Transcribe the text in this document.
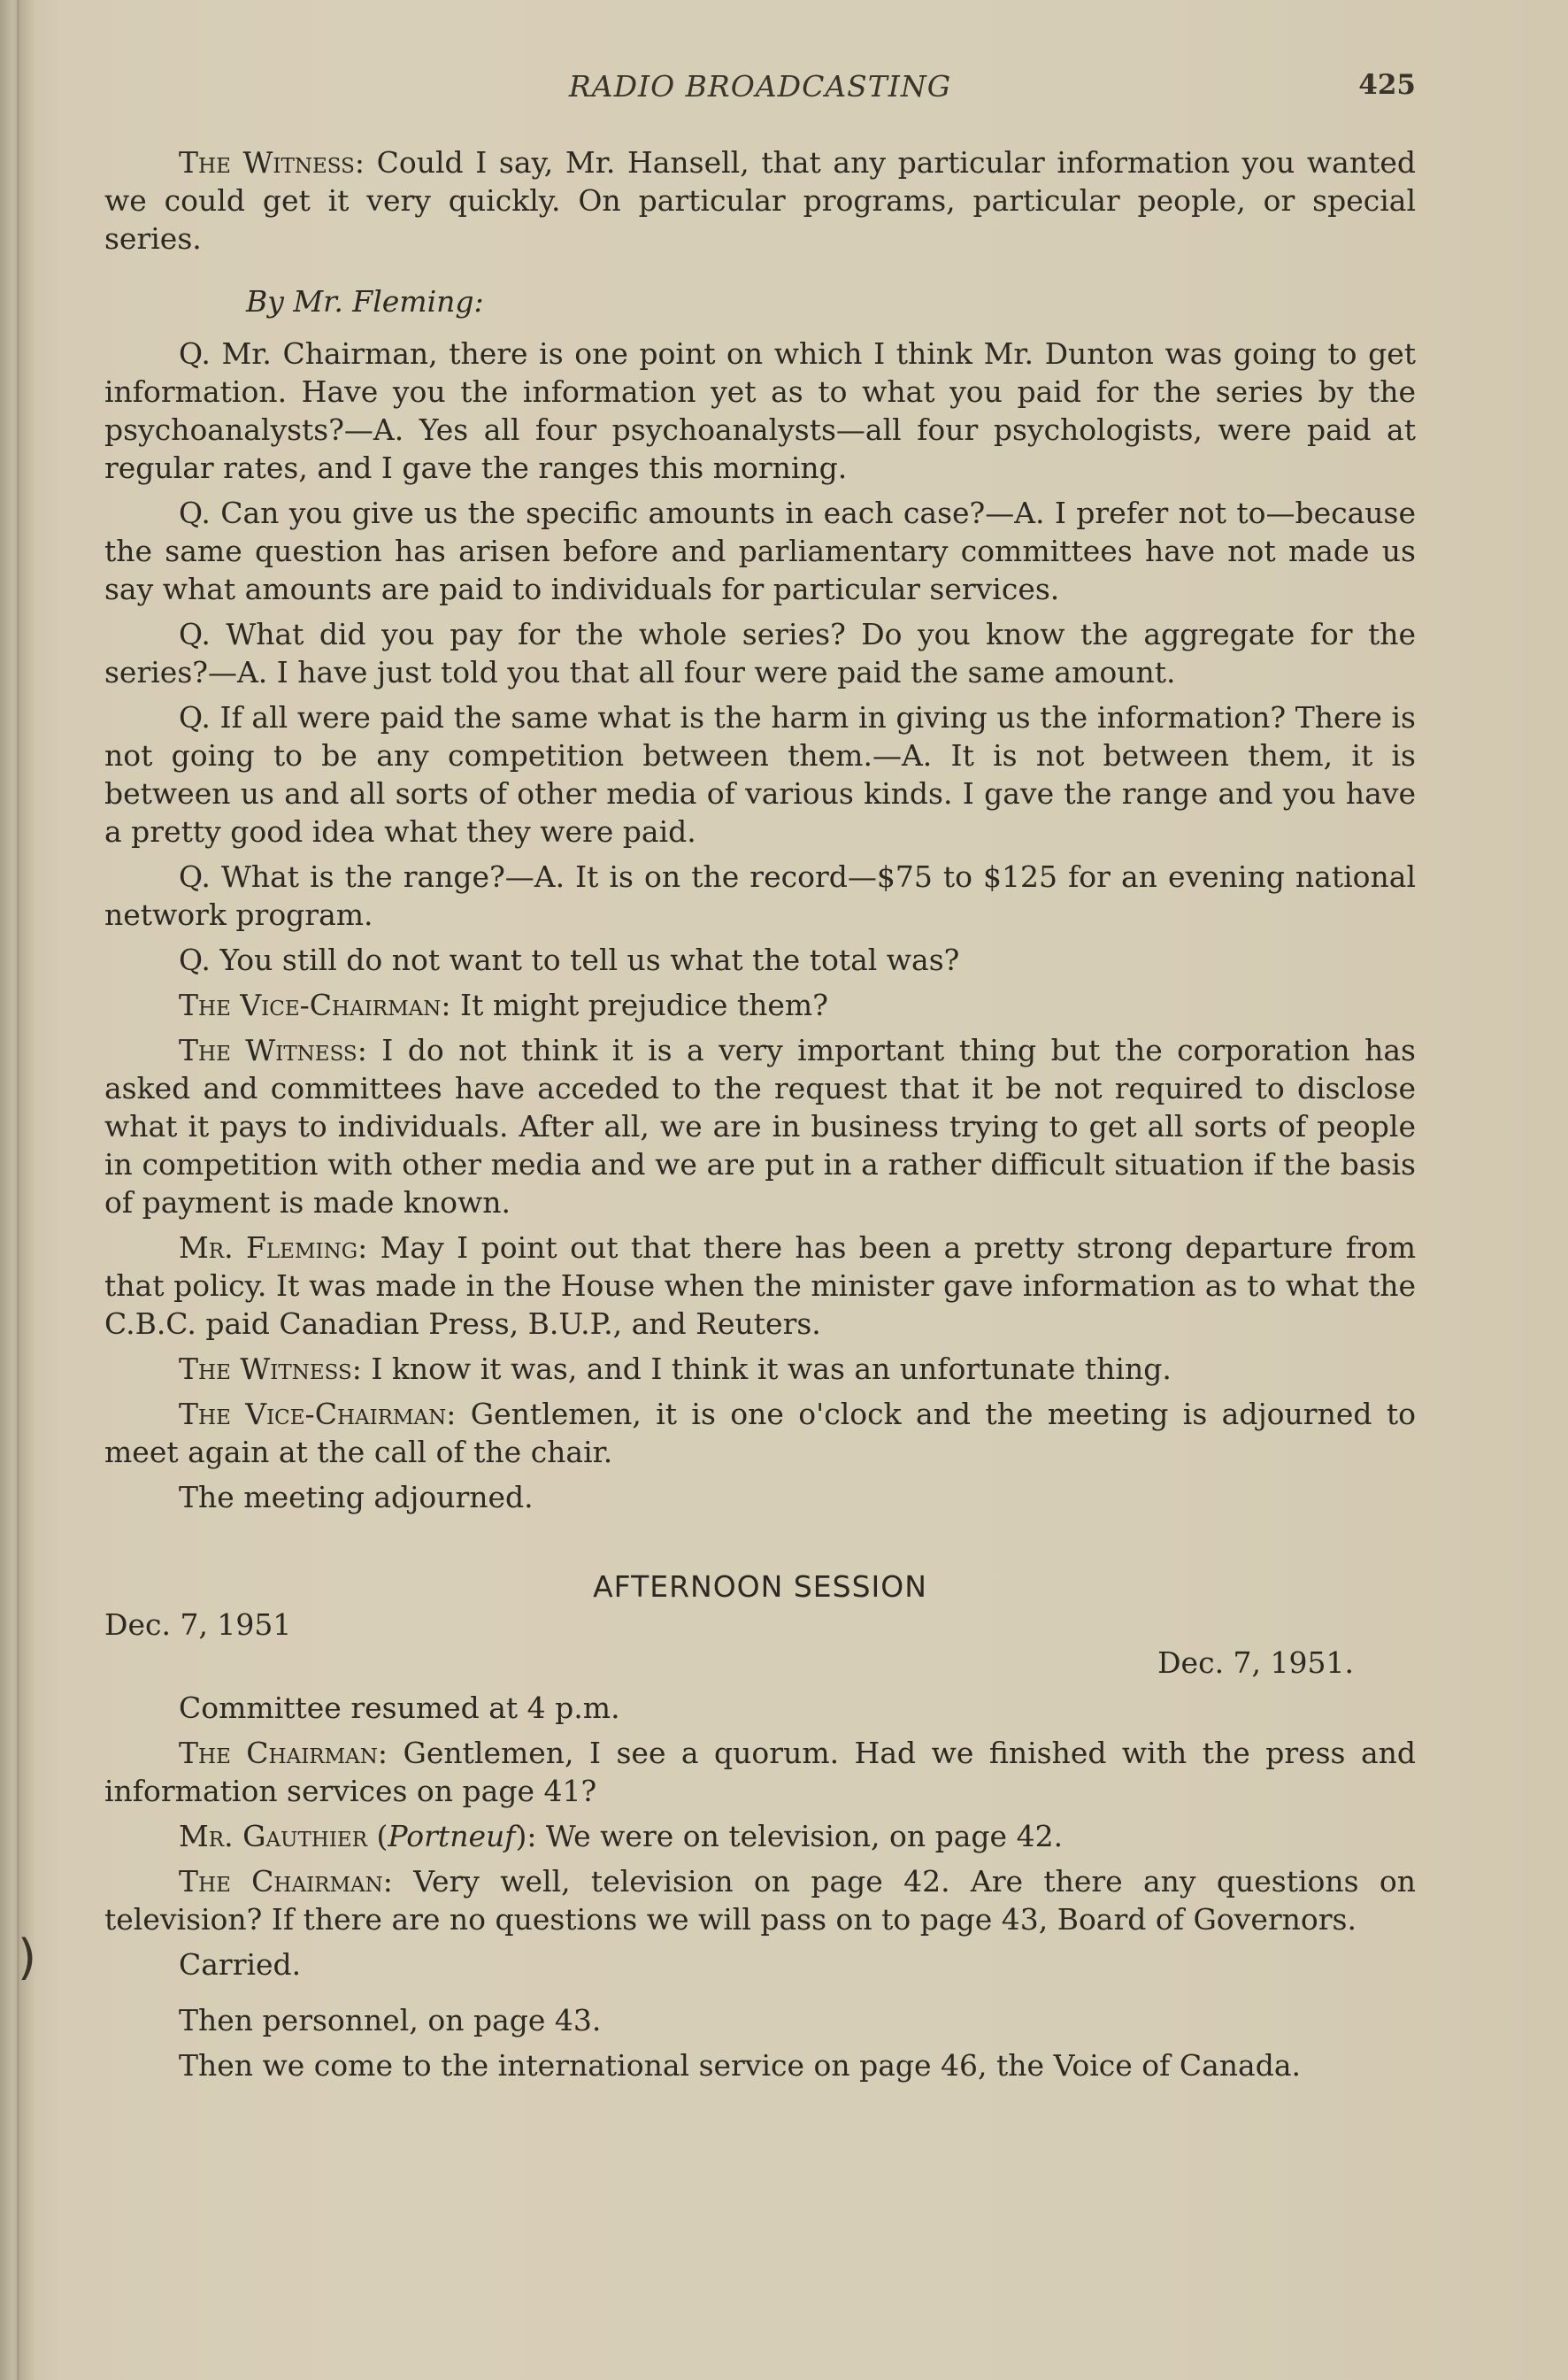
)
RADIO BROADCASTING	425

The Witness: Could I say, Mr. Hansell, that any particular information you wanted we could get it very quickly. On particular programs, particular people, or special series.

By Mr. Fleming:

Q. Mr. Chairman, there is one point on which I think Mr. Dunton was going to get information. Have you the information yet as to what you paid for the series by the psychoanalysts?—A. Yes all four psychoanalysts—all four psychologists, were paid at regular rates, and I gave the ranges this morning.

Q. Can you give us the specific amounts in each case?—A. I prefer not to—because the same question has arisen before and parliamentary committees have not made us say what amounts are paid to individuals for particular services.

Q. What did you pay for the whole series? Do you know the aggregate for the series?—A. I have just told you that all four were paid the same amount.

Q. If all were paid the same what is the harm in giving us the information? There is not going to be any competition between them.—A. It is not between them, it is between us and all sorts of other media of various kinds. I gave the range and you have a pretty good idea what they were paid.

Q. What is the range?—A. It is on the record—$75 to $125 for an evening national network program.

Q. You still do not want to tell us what the total was?

The Vice-Chairman: It might prejudice them?

The Witness: I do not think it is a very important thing but the corporation has asked and committees have acceded to the request that it be not required to disclose what it pays to individuals. After all, we are in business trying to get all sorts of people in competition with other media and we are put in a rather difficult situation if the basis of payment is made known.

Mr. Fleming: May I point out that there has been a pretty strong departure from that policy. It was made in the House when the minister gave information as to what the C.B.C. paid Canadian Press, B.U.P., and Reuters.

The Witness: I know it was, and I think it was an unfortunate thing.

The Vice-Chairman: Gentlemen, it is one o'clock and the meeting is adjourned to meet again at the call of the chair.

The meeting adjourned.

AFTERNOON SESSION

Dec. 7, 1951

Dec. 7, 1951.

Committee resumed at 4 p.m.

The Chairman: Gentlemen, I see a quorum. Had we finished with the press and information services on page 41?

Mr. Gauthier (Portneuf): We were on television, on page 42.

The Chairman: Very well, television on page 42. Are there any questions on television? If there are no questions we will pass on to page 43, Board of Governors.

Carried.

Then personnel, on page 43.

Then we come to the international service on page 46, the Voice of Canada.
